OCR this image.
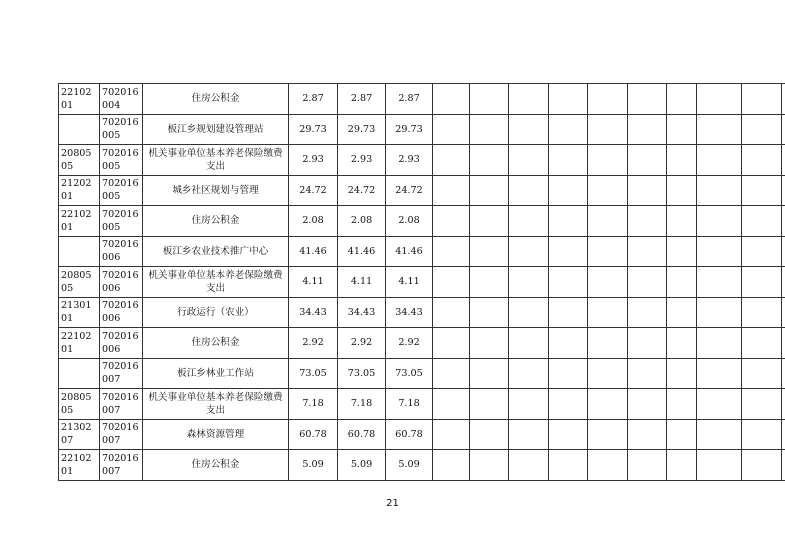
22102 01	702016 004	住房公积金	2.87	2.87	2.87										
	702016 005	板江乡规划建设管理站	29.73	29.73	29.73										
20805 05	702016 005	机关事业单位基本养老保险缴费支出	2.93	2.93	2.93										
21202 01	702016 005	城乡社区规划与管理	24.72	24.72	24.72										
22102 01	702016 005	住房公积金	2.08	2.08	2.08										
	702016 006	板江乡农业技术推广中心	41.46	41.46	41.46										
20805 05	702016 006	机关事业单位基本养老保险缴费支出	4.11	4.11	4.11										
21301 01	702016 006	行政运行（农业）	34.43	34.43	34.43										
22102 01	702016 006	住房公积金	2.92	2.92	2.92										
	702016 007	板江乡林业工作站	73.05	73.05	73.05										
20805 05	702016 007	机关事业单位基本养老保险缴费支出	7.18	7.18	7.18										
21302 07	702016 007	森林资源管理	60.78	60.78	60.78										
22102 01	702016 007	住房公积金	5.09	5.09	5.09										
21
